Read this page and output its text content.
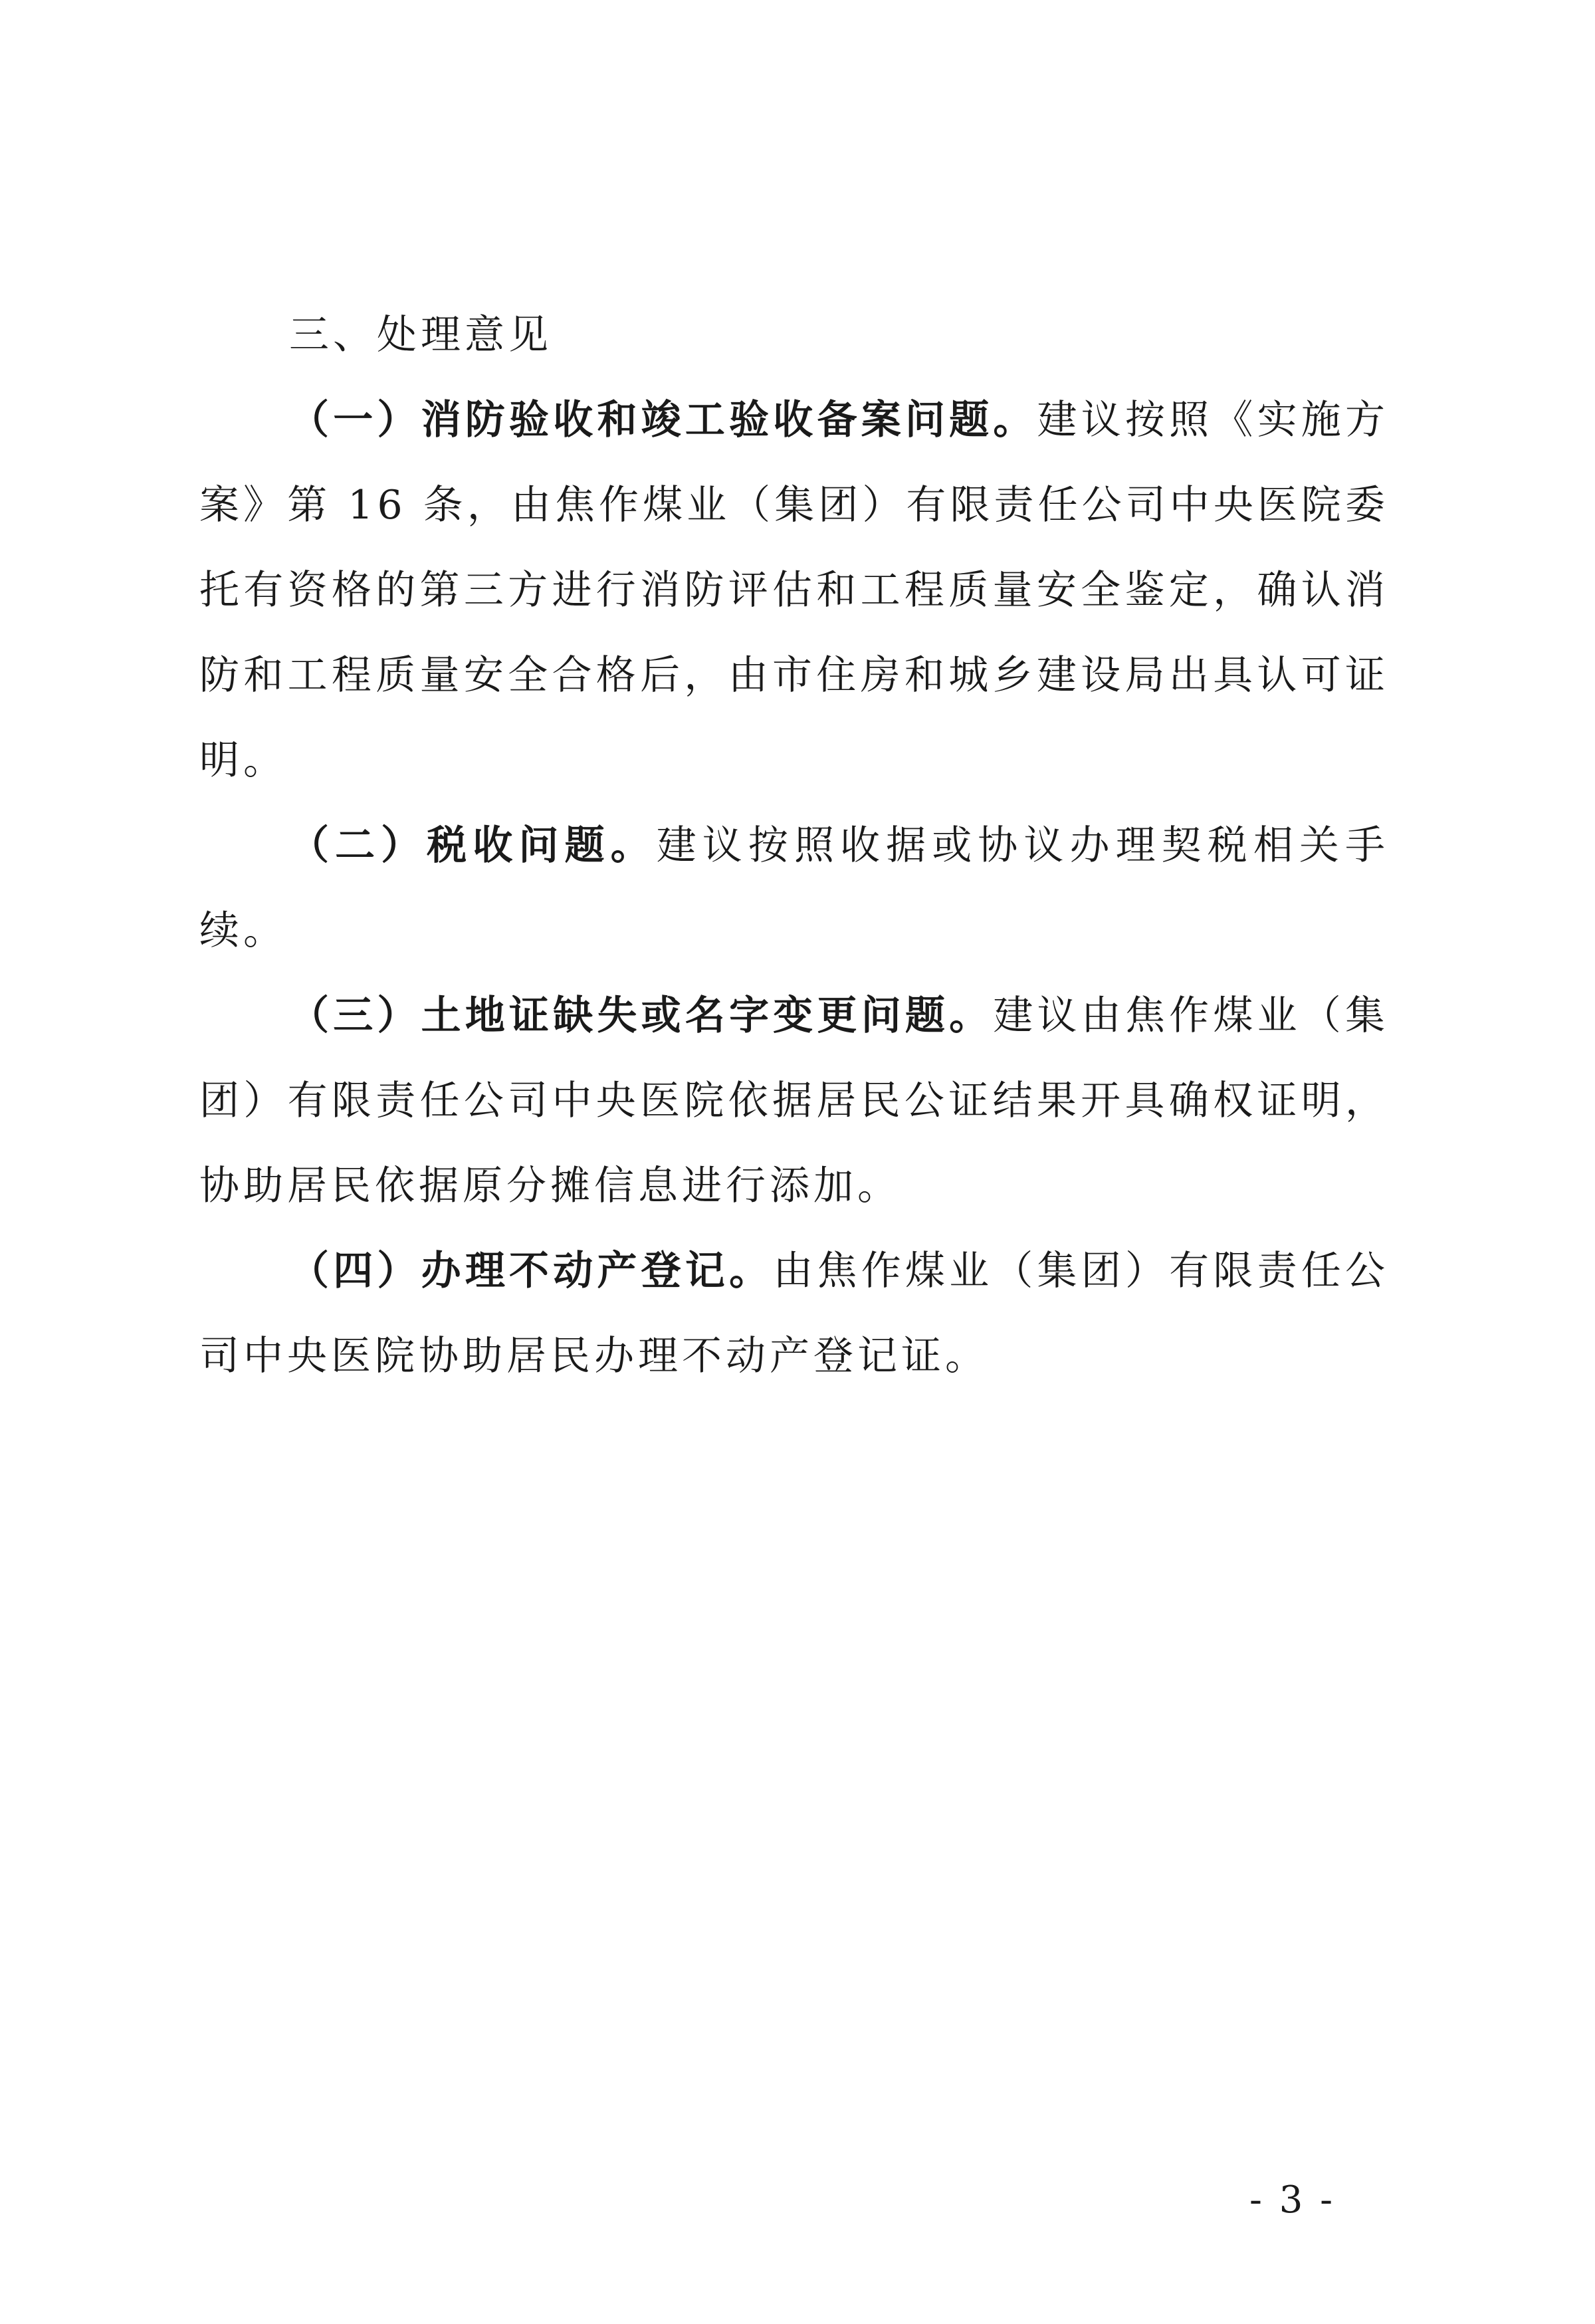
三、处理意见

（一）消防验收和竣工验收备案问题。建议按照《实施方案》第 16 条，由焦作煤业（集团）有限责任公司中央医院委托有资格的第三方进行消防评估和工程质量安全鉴定，确认消防和工程质量安全合格后，由市住房和城乡建设局出具认可证明。

（二）税收问题。建议按照收据或协议办理契税相关手续。

（三）土地证缺失或名字变更问题。建议由焦作煤业（集团）有限责任公司中央医院依据居民公证结果开具确权证明，协助居民依据原分摊信息进行添加。

（四）办理不动产登记。由焦作煤业（集团）有限责任公司中央医院协助居民办理不动产登记证。

- 3 -
